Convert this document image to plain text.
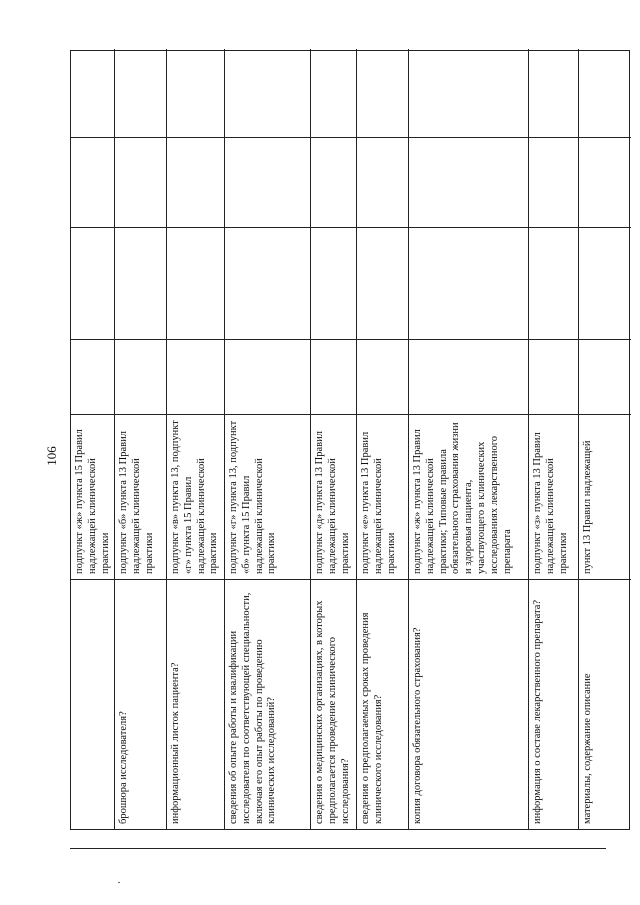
106 подпункт «ж» пункта 15 Правил надлежащей клинической практики
брошюра исследователя?
подпункт «б» пункта 13 Правил надлежащей клинической практики
информационный листок пациента?
подпункт «в» пункта 13, подпункт «г» пункта 15 Правил надлежащей клинической практики
сведения об опыте работы и квалификации исследователя по соответствующей специальности, включая его опыт работы по проведению клинических исследований?
подпункт «г» пункта 13, подпункт «б» пункта 15 Правил надлежащей клинической практики
сведения о медицинских организациях, в которых предполагается проведение клинического исследования?
подпункт «д» пункта 13 Правил надлежащей клинической практики
сведения о предполагаемых сроках проведения клинического исследования?
подпункт «е» пункта 13 Правил надлежащей клинической практики
копия договора обязательного страхования?
подпункт «ж» пункта 13 Правил надлежащей клинической практики; Типовые правила обязательного страхования жизни и здоровья пациента, участвующего в клинических исследованиях лекарственного препарата
информация о составе лекарственного препарата?
подпункт «з» пункта 13 Правил надлежащей клинической практики
материалы, содержание описание
пункт 13 Правил надлежащей
